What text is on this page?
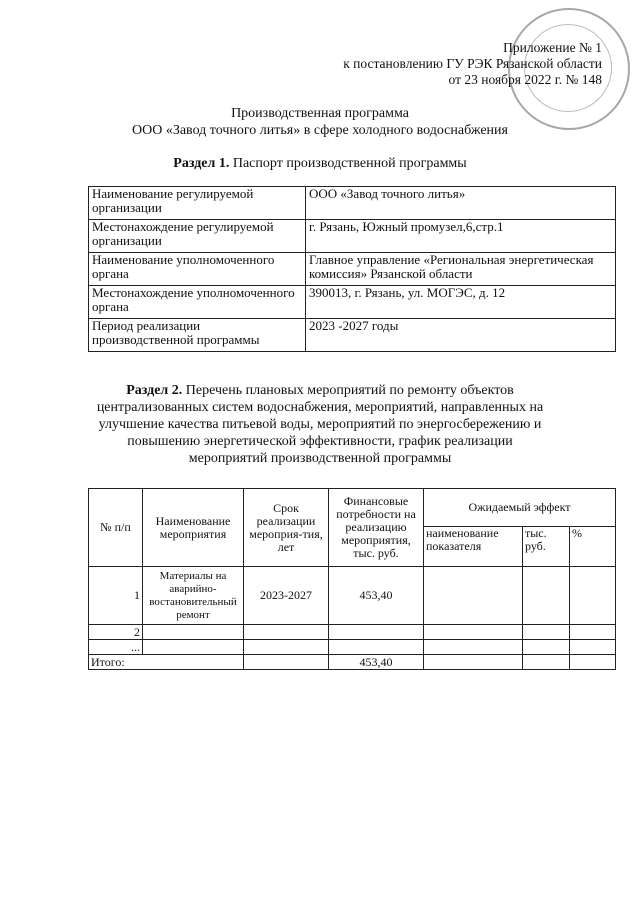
Приложение № 1
к постановлению ГУ РЭК Рязанской области
от 23 ноября 2022 г. № 148
Производственная программа
ООО «Завод точного литья» в сфере холодного водоснабжения
Раздел 1. Паспорт производственной программы
Наименование регулируемой организации	ООО «Завод точного литья»
Местонахождение регулируемой организации	г. Рязань, Южный промузел,6,стр.1
Наименование уполномоченного органа	Главное управление «Региональная энергетическая комиссия» Рязанской области
Местонахождение уполномоченного органа	390013, г. Рязань, ул. МОГЭС, д. 12
Период реализации производственной программы	2023 -2027 годы
Раздел 2. Перечень плановых мероприятий по ремонту объектов централизованных систем водоснабжения, мероприятий, направленных на улучшение качества питьевой воды, мероприятий по энергосбережению и повышению энергетической эффективности, график реализации мероприятий производственной программы
№ п/п	Наименование мероприятия	Срок реализации мероприя-тия, лет	Финансовые потребности на реализацию мероприятия, тыс. руб.	Ожидаемый эффект		
				наименование показателя	тыс. руб.	%
1	Материалы на аварийно-востановительный ремонт	2023-2027	453,40			
2						
...						
Итого:			453,40			
